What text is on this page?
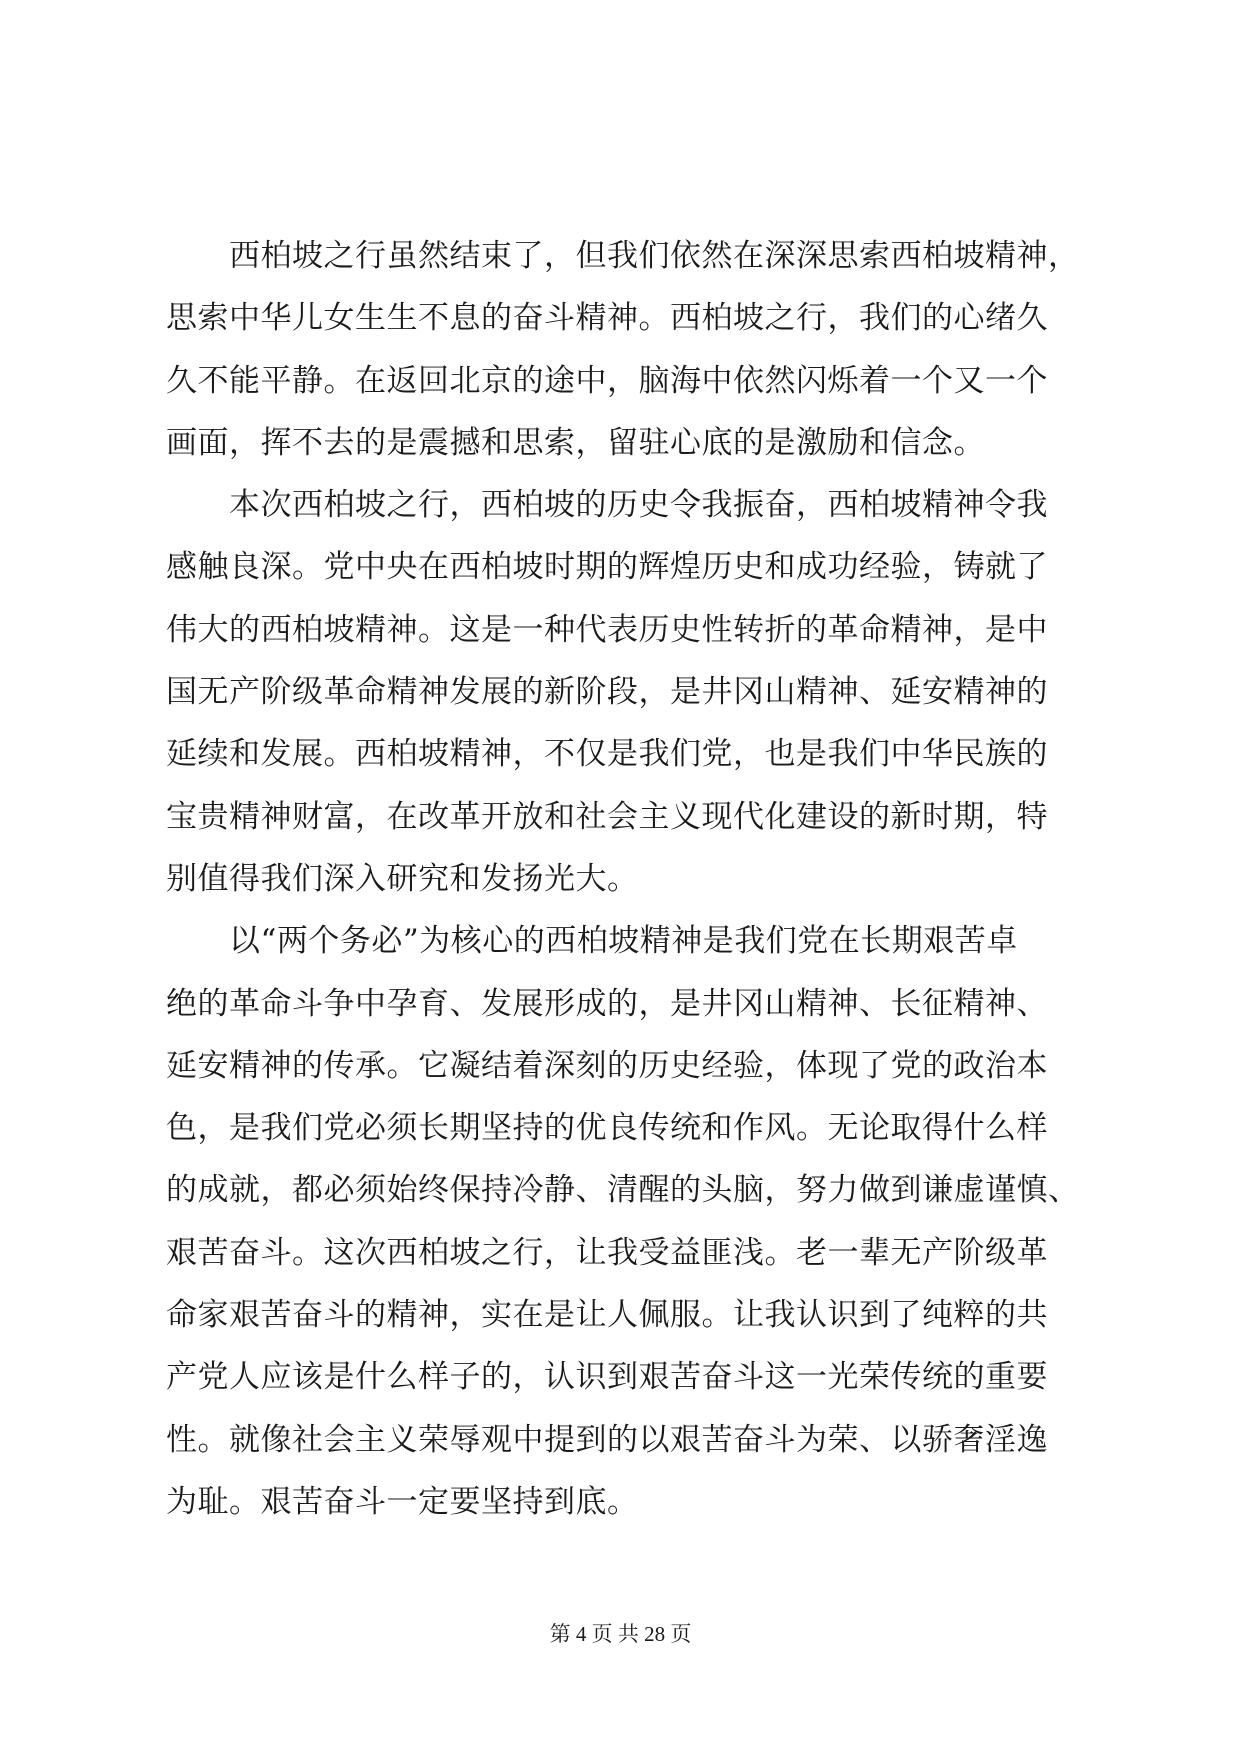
　　西柏坡之行虽然结束了，但我们依然在深深思索西柏坡精神，

思索中华儿女生生不息的奋斗精神。西柏坡之行，我们的心绪久

久不能平静。在返回北京的途中，脑海中依然闪烁着一个又一个

画面，挥不去的是震撼和思索，留驻心底的是激励和信念。

　　本次西柏坡之行，西柏坡的历史令我振奋，西柏坡精神令我

感触良深。党中央在西柏坡时期的辉煌历史和成功经验，铸就了

伟大的西柏坡精神。这是一种代表历史性转折的革命精神，是中

国无产阶级革命精神发展的新阶段，是井冈山精神、延安精神的

延续和发展。西柏坡精神，不仅是我们党，也是我们中华民族的

宝贵精神财富，在改革开放和社会主义现代化建设的新时期，特

别值得我们深入研究和发扬光大。

　　以“两个务必”为核心的西柏坡精神是我们党在长期艰苦卓

绝的革命斗争中孕育、发展形成的，是井冈山精神、长征精神、

延安精神的传承。它凝结着深刻的历史经验，体现了党的政治本

色，是我们党必须长期坚持的优良传统和作风。无论取得什么样

的成就，都必须始终保持冷静、清醒的头脑，努力做到谦虚谨慎、

艰苦奋斗。这次西柏坡之行，让我受益匪浅。老一辈无产阶级革

命家艰苦奋斗的精神，实在是让人佩服。让我认识到了纯粹的共

产党人应该是什么样子的，认识到艰苦奋斗这一光荣传统的重要

性。就像社会主义荣辱观中提到的以艰苦奋斗为荣、以骄奢淫逸

为耻。艰苦奋斗一定要坚持到底。

第 4 页 共 28 页
